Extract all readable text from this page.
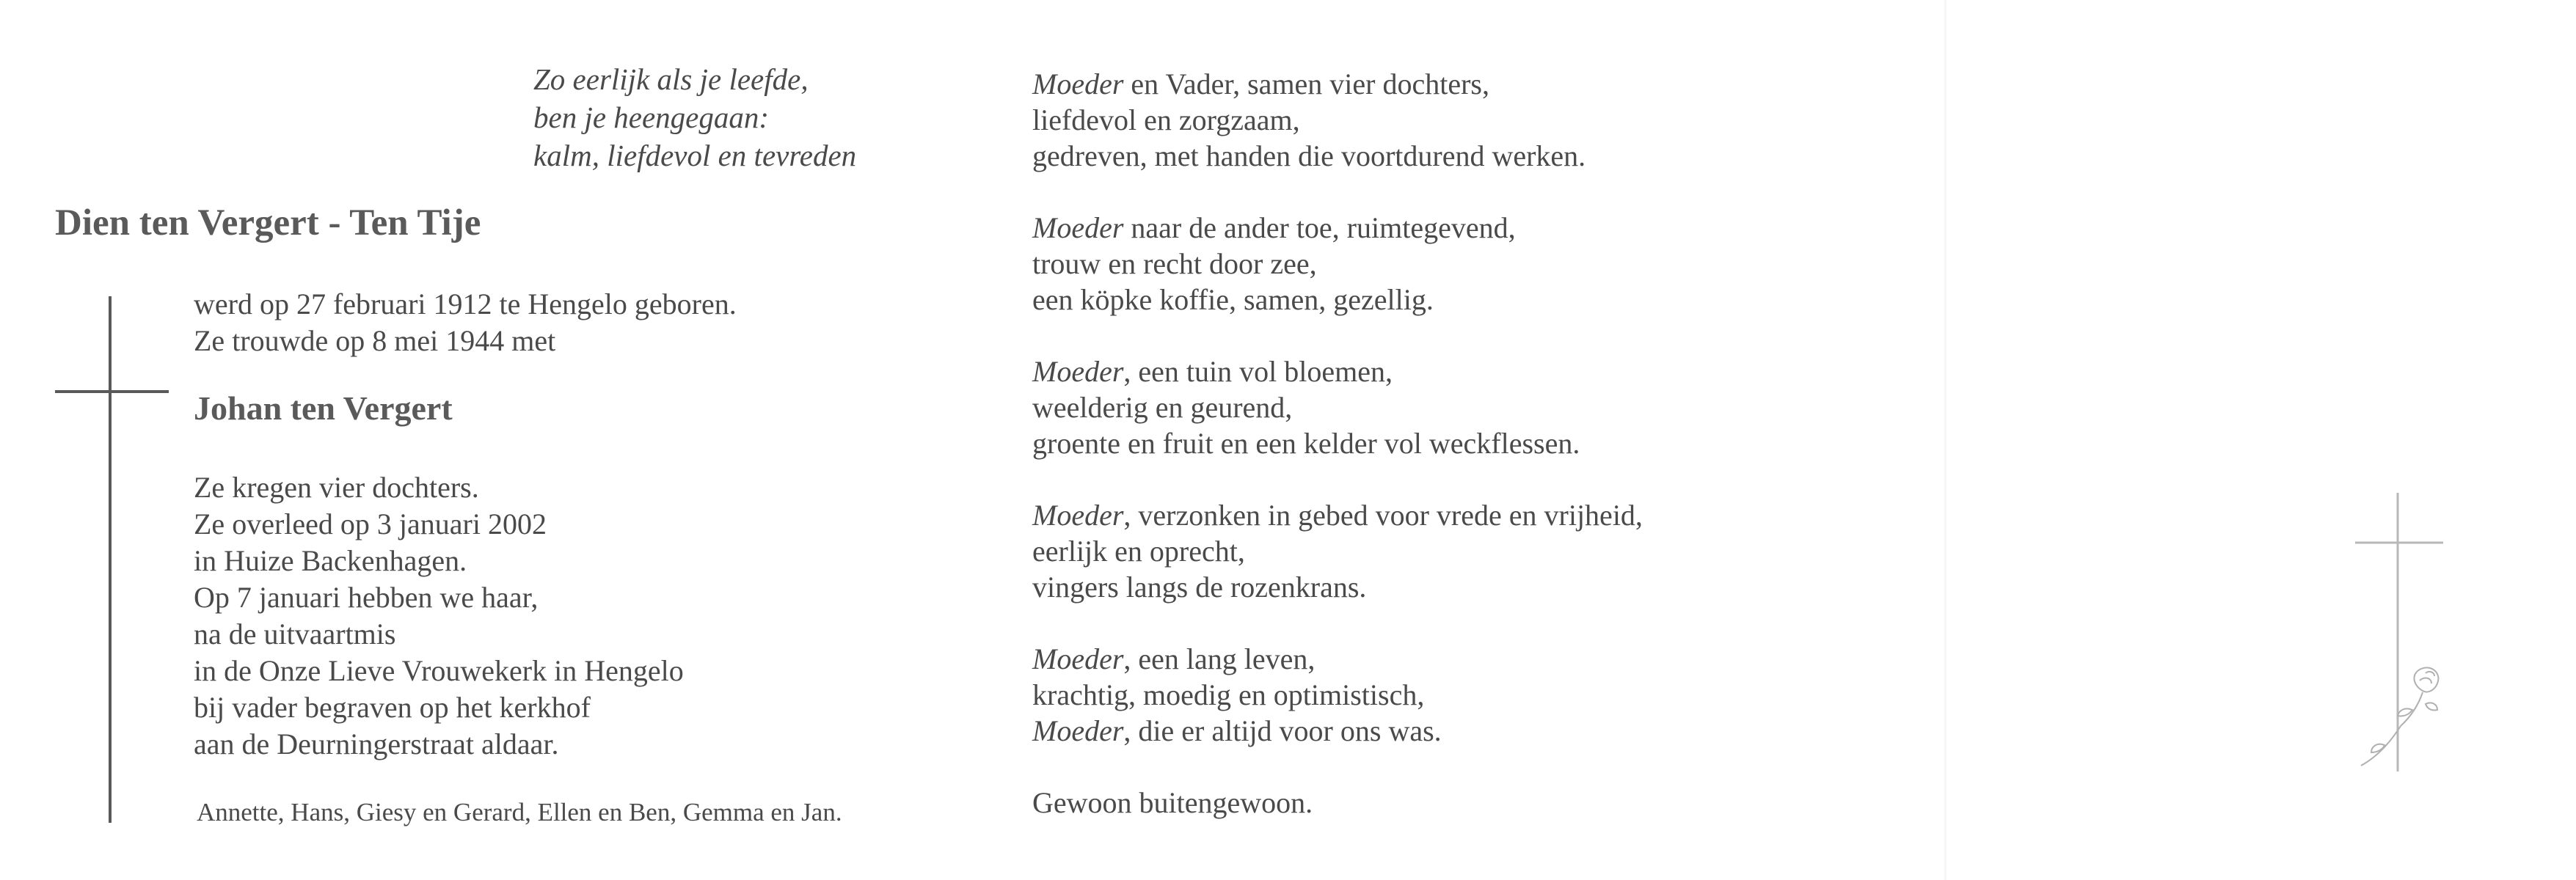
Zo eerlijk als je leefde,
ben je heengegaan:
kalm, liefdevol en tevreden
Dien ten Vergert - Ten Tije
werd op 27 februari 1912 te Hengelo geboren.
Ze trouwde op 8 mei 1944 met
Johan ten Vergert
Ze kregen vier dochters.
Ze overleed op 3 januari 2002
in Huize Backenhagen.
Op 7 januari hebben we haar,
na de uitvaartmis
in de Onze Lieve Vrouwekerk in Hengelo
bij vader begraven op het kerkhof
aan de Deurningerstraat aldaar.
Annette, Hans, Giesy en Gerard, Ellen en Ben, Gemma en Jan.
Moeder en Vader, samen vier dochters,
liefdevol en zorgzaam,
gedreven, met handen die voortdurend werken.
Moeder naar de ander toe, ruimtegevend,
trouw en recht door zee,
een köpke koffie, samen, gezellig.
Moeder, een tuin vol bloemen,
weelderig en geurend,
groente en fruit en een kelder vol weckflessen.
Moeder, verzonken in gebed voor vrede en vrijheid,
eerlijk en oprecht,
vingers langs de rozenkrans.
Moeder, een lang leven,
krachtig, moedig en optimistisch,
Moeder, die er altijd voor ons was.
Gewoon buitengewoon.
